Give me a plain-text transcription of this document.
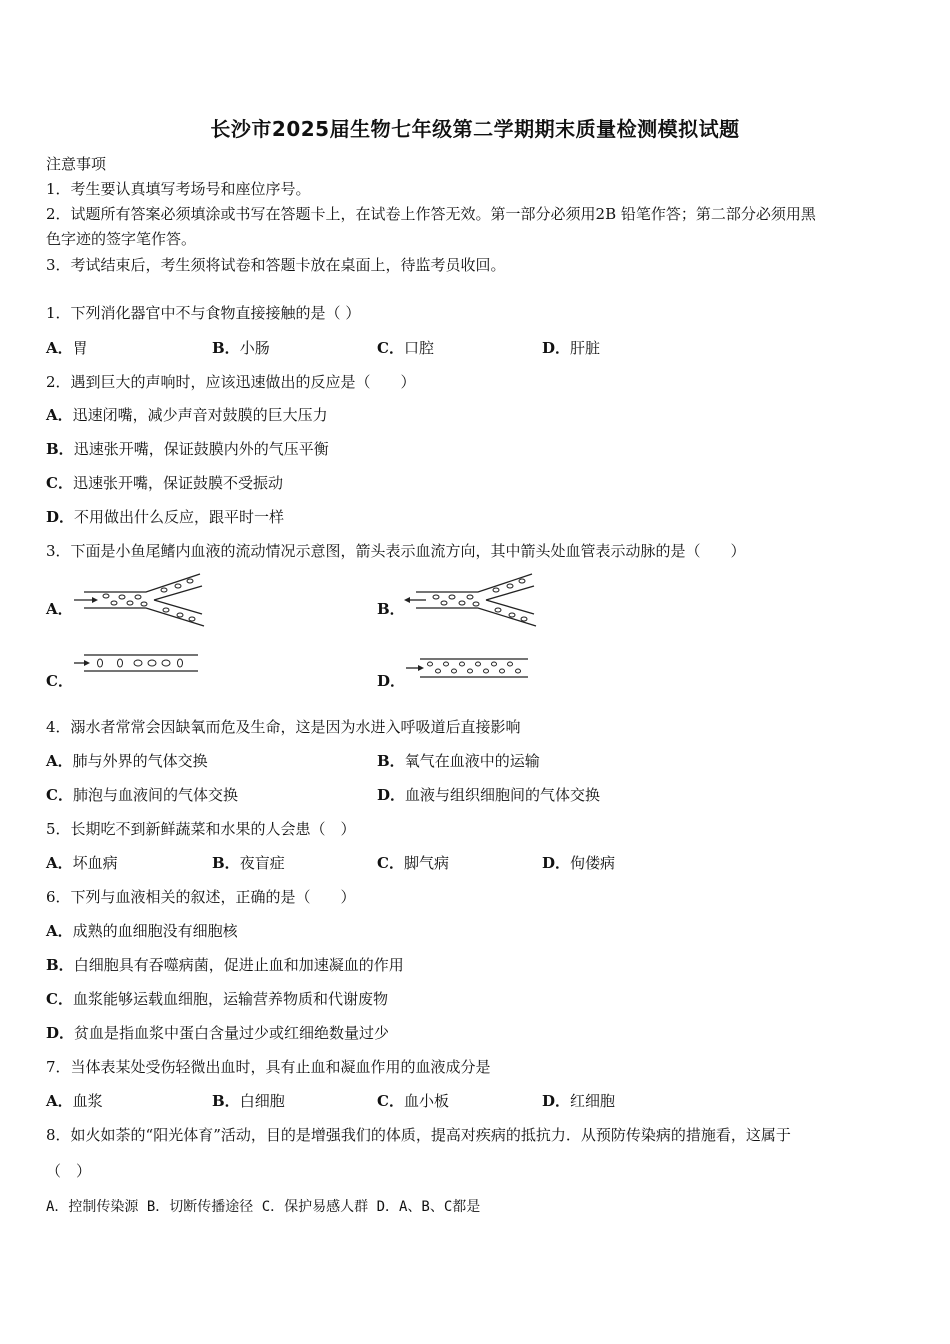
长沙市2025届生物七年级第二学期期末质量检测模拟试题
注意事项
1．考生要认真填写考场号和座位序号。
2．试题所有答案必须填涂或书写在答题卡上，在试卷上作答无效。第一部分必须用2B 铅笔作答；第二部分必须用黑
色字迹的签字笔作答。
3．考试结束后，考生须将试卷和答题卡放在桌面上，待监考员收回。
1．下列消化器官中不与食物直接接触的是（ ）
A．胃	B．小肠	C．口腔	D．肝脏
2．遇到巨大的声响时，应该迅速做出的反应是（　　）
A．迅速闭嘴，减少声音对鼓膜的巨大压力
B．迅速张开嘴，保证鼓膜内外的气压平衡
C．迅速张开嘴，保证鼓膜不受振动
D．不用做出什么反应，跟平时一样
3．下面是小鱼尾鳍内血液的流动情况示意图，箭头表示血流方向，其中箭头处血管表示动脉的是（　　）
A．	B．
C．	D．
4．溺水者常常会因缺氧而危及生命，这是因为水进入呼吸道后直接影响
A．肺与外界的气体交换	B．氧气在血液中的运输
C．肺泡与血液间的气体交换	D．血液与组织细胞间的气体交换
5．长期吃不到新鲜蔬菜和水果的人会患（　）
A．坏血病	B．夜盲症	C．脚气病	D．佝偻病
6．下列与血液相关的叙述，正确的是（　　）
A．成熟的血细胞没有细胞核
B．白细胞具有吞噬病菌，促进止血和加速凝血的作用
C．血浆能够运载血细胞，运输营养物质和代谢废物
D．贫血是指血浆中蛋白含量过少或红细绝数量过少
7．当体表某处受伤轻微出血时，具有止血和凝血作用的血液成分是
A．血浆	B．白细胞	C．血小板	D．红细胞
8．如火如荼的“阳光体育”活动，目的是增强我们的体质，提高对疾病的抵抗力．从预防传染病的措施看，这属于
（　）
A．控制传染源 B．切断传播途径 C．保护易感人群 D．A、B、C都是
